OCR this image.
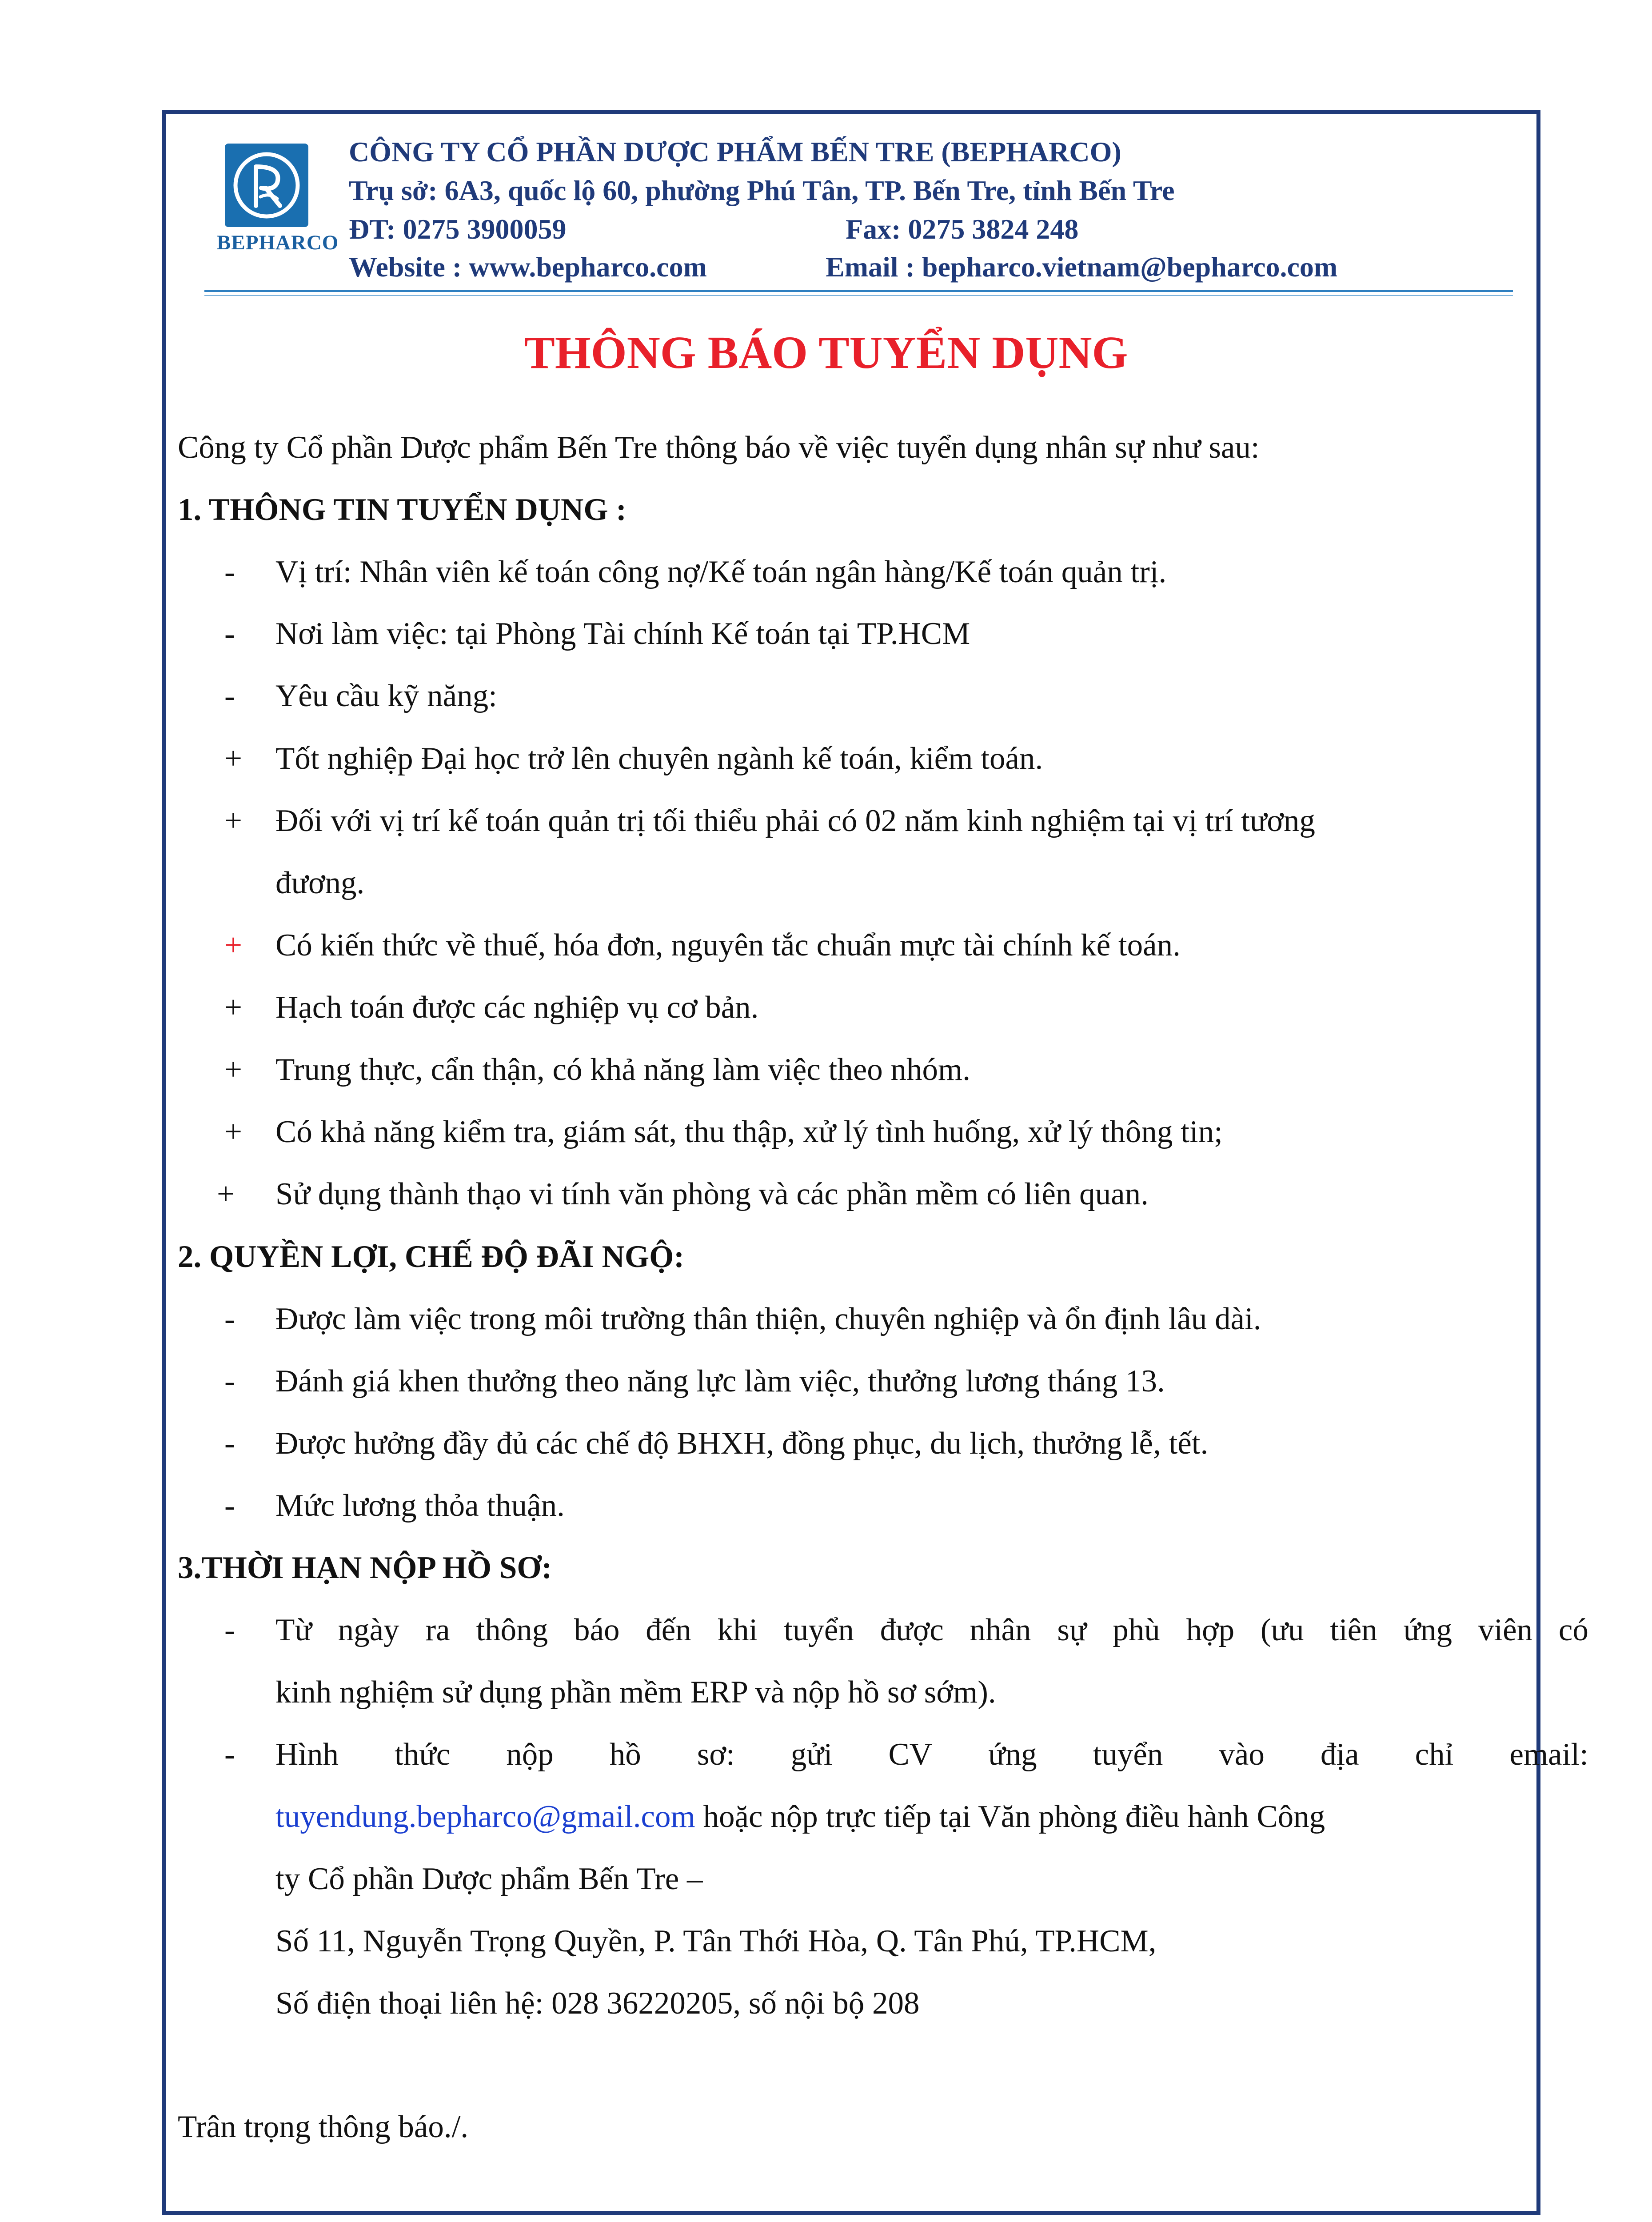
BEPHARCO
CÔNG TY CỔ PHẦN DƯỢC PHẨM BẾN TRE (BEPHARCO)
Trụ sở: 6A3, quốc lộ 60, phường Phú Tân, TP. Bến Tre, tỉnh Bến Tre
ĐT: 0275 3900059	Fax: 0275 3824 248
Website : www.bepharco.com	Email : bepharco.vietnam@bepharco.com
THÔNG BÁO TUYỂN DỤNG
Công ty Cổ phần Dược phẩm Bến Tre thông báo về việc tuyển dụng nhân sự như sau:
1. THÔNG TIN TUYỂN DỤNG :
- Vị trí: Nhân viên kế toán công nợ/Kế toán ngân hàng/Kế toán quản trị.
- Nơi làm việc: tại Phòng Tài chính Kế toán tại TP.HCM
- Yêu cầu kỹ năng:
+ Tốt nghiệp Đại học trở lên chuyên ngành kế toán, kiểm toán.
+ Đối với vị trí kế toán quản trị tối thiểu phải có 02 năm kinh nghiệm tại vị trí tương
đương.
+ Có kiến thức về thuế, hóa đơn, nguyên tắc chuẩn mực tài chính kế toán.
+ Hạch toán được các nghiệp vụ cơ bản.
+ Trung thực, cẩn thận, có khả năng làm việc theo nhóm.
+ Có khả năng kiểm tra, giám sát, thu thập, xử lý tình huống, xử lý thông tin;
+ Sử dụng thành thạo vi tính văn phòng và các phần mềm có liên quan.
2. QUYỀN LỢI, CHẾ ĐỘ ĐÃI NGỘ:
- Được làm việc trong môi trường thân thiện, chuyên nghiệp và ổn định lâu dài.
- Đánh giá khen thưởng theo năng lực làm việc, thưởng lương tháng 13.
- Được hưởng đầy đủ các chế độ BHXH, đồng phục, du lịch, thưởng lễ, tết.
- Mức lương thỏa thuận.
3.THỜI HẠN NỘP HỒ SƠ:
- Từ ngày ra thông báo đến khi tuyển được nhân sự phù hợp (ưu tiên ứng viên có
kinh nghiệm sử dụng phần mềm ERP và nộp hồ sơ sớm).
- Hình thức nộp hồ sơ: gửi CV ứng tuyển vào địa chỉ email:
tuyendung.bepharco@gmail.com hoặc nộp trực tiếp tại Văn phòng điều hành Công
ty Cổ phần Dược phẩm Bến Tre –
Số 11, Nguyễn Trọng Quyền, P. Tân Thới Hòa, Q. Tân Phú, TP.HCM,
Số điện thoại liên hệ: 028 36220205, số nội bộ 208
Trân trọng thông báo./.
